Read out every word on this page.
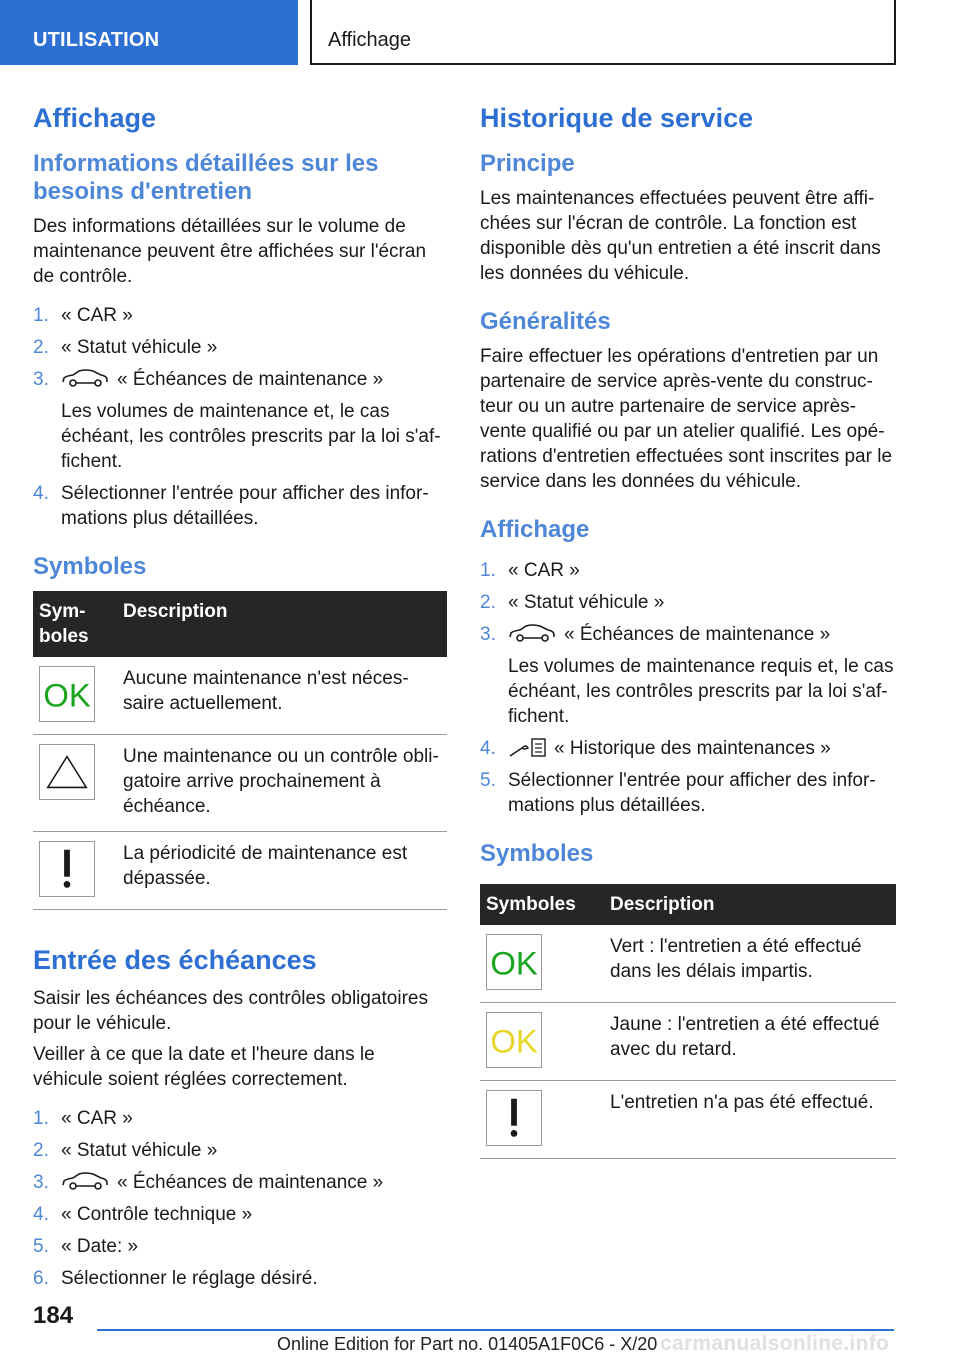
UTILISATION	Affichage
Affichage
Informations détaillées sur les besoins d'entretien

Des informations détaillées sur le volume de maintenance peuvent être affichées sur l'écran de contrôle.

1. « CAR »
2. « Statut véhicule »
3.	« Échéances de maintenance »
Les volumes de maintenance et, le cas échéant, les contrôles prescrits par la loi s'affichent.
4. Sélectionner l'entrée pour afficher des informations plus détaillées.
Symboles
Symboles	Description

OK	Aucune maintenance n'est nécessaire actuellement.

	Une maintenance ou un contrôle obligatoire arrive prochainement à échéance.

	La périodicité de maintenance est dépassée.
Entrée des échéances

Saisir les échéances des contrôles obligatoires pour le véhicule.

Veiller à ce que la date et l'heure dans le véhicule soient réglées correctement.

1. « CAR »
2. « Statut véhicule »
3.	« Échéances de maintenance »
4. « Contrôle technique »
5. « Date: »
6. Sélectionner le réglage désiré.
Historique de service
Principe

Les maintenances effectuées peuvent être affichées sur l'écran de contrôle. La fonction est disponible dès qu'un entretien a été inscrit dans les données du véhicule.

Généralités

Faire effectuer les opérations d'entretien par un partenaire de service après-vente du constructeur ou un autre partenaire de service après-vente qualifié ou par un atelier qualifié. Les opérations d'entretien effectuées sont inscrites par le service dans les données du véhicule.

Affichage
1. « CAR »
2. « Statut véhicule »
3.	« Échéances de maintenance »
Les volumes de maintenance requis et, le cas échéant, les contrôles prescrits par la loi s'affichent.
4.	« Historique des maintenances »
5. Sélectionner l'entrée pour afficher des informations plus détaillées.
Symboles
Symboles	Description

OK	Vert : l'entretien a été effectué dans les délais impartis.

OK	Jaune : l'entretien a été effectué avec du retard.

	L'entretien n'a pas été effectué.
184
Online Edition for Part no. 01405A1F0C6 - X/20 carmanualsonline.info
